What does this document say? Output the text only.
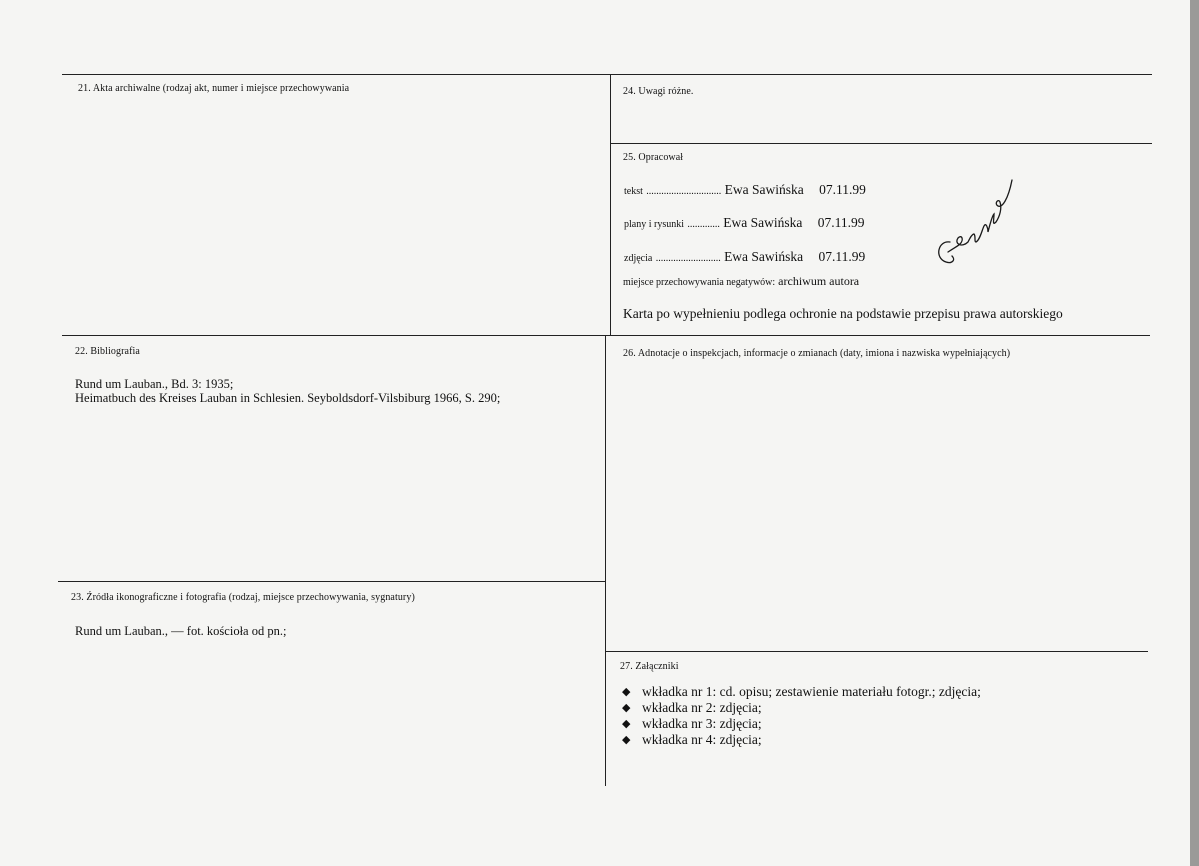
21. Akta archiwalne (rodzaj akt, numer i miejsce przechowywania	24. Uwagi różne.
25. Opracował
tekst .............................. Ewa Sawińska 07.11.99
plany i rysunki ............. Ewa Sawińska 07.11.99
zdjęcia .......................... Ewa Sawińska 07.11.99
miejsce przechowywania negatywów: archiwum autora
Karta po wypełnieniu podlega ochronie na podstawie przepisu prawa autorskiego
22. Bibliografia
Rund um Lauban., Bd. 3: 1935;
Heimatbuch des Kreises Lauban in Schlesien. Seyboldsdorf-Vilsbiburg 1966, S. 290;
26. Adnotacje o inspekcjach, informacje o zmianach (daty, imiona i nazwiska wypełniających)
23. Źródła ikonograficzne i fotografia (rodzaj, miejsce przechowywania, sygnatury)
Rund um Lauban., — fot. kościoła od pn.;
27. Załączniki
◆ wkładka nr 1: cd. opisu; zestawienie materiału fotogr.; zdjęcia;
◆ wkładka nr 2: zdjęcia;
◆ wkładka nr 3: zdjęcia;
◆ wkładka nr 4: zdjęcia;
